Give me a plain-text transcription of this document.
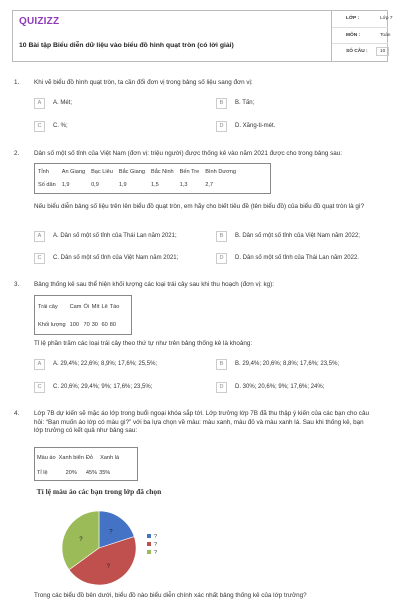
QUIZIZZ
10 Bài tập Biểu diễn dữ liệu vào biểu đồ hình quạt tròn (có lời giải)
LỚP :	Lớp 7
MÔN :	Toán
SỐ CÂU :	10
1. Khi vẽ biểu đồ hình quạt tròn, ta cần đổi đơn vị trong bảng số liệu sang đơn vị:
A	A. Mét;	B	B. Tấn;
C	C. %;	D	D. Xăng-ti-mét.
2. Dân số một số tỉnh của Việt Nam (đơn vị: triệu người) được thống kê vào năm 2021 được cho trong bảng sau:
Tỉnh	An Giang	Bạc Liêu	Bắc Giang	Bắc Ninh	Bến Tre	Bình Dương
Số dân	1,9	0,9	1,9	1,5	1,3	2,7
Nếu biểu diễn bảng số liệu trên lên biểu đồ quạt tròn, em hãy cho biết tiêu đề (tên biểu đồ) của biểu đồ quạt tròn là gì?
A	A. Dân số một số tỉnh của Thái Lan năm 2021;	B	B. Dân số một số tỉnh của Việt Nam năm 2022;
C	C. Dân số một số tỉnh của Việt Nam năm 2021;	D	D. Dân số một số tỉnh của Thái Lan năm 2022.
3. Bảng thống kê sau thể hiện khối lượng các loại trái cây sau khi thu hoạch (đơn vị: kg):
Trái cây	Cam	Ổi	Mít	Lê	Táo
Khối lượng	100	70	30	60	80
Tỉ lệ phần trăm các loại trái cây theo thứ tự như trên bảng thống kê là khoảng:
A	A. 29,4%; 22,6%; 8,9%; 17,6%; 25,5%;	B	B. 29,4%; 20,6%; 8,8%; 17,6%; 23,5%;
C	C. 20,6%; 29,4%; 9%; 17,6%; 23,5%;	D	D. 30%; 20,6%; 9%; 17,6%; 24%;
4. Lớp 7B dự kiến sẽ mặc áo lớp trong buổi ngoại khóa sắp tới. Lớp trưởng lớp 7B đã thu thập ý kiến của các bạn cho câu hỏi: “Bạn muốn áo lớp có màu gì?” với ba lựa chọn về màu: màu xanh, màu đỏ và màu xanh lá. Sau khi thống kê, bạn lớp trưởng có kết quả như bảng sau:
Màu áo	Xanh biển	Đỏ	Xanh lá
Tỉ lệ	20%	45%	35%
Tỉ lệ màu áo các bạn trong lớp đã chọn
?
?
?
?
?
?
Trong các biểu đồ bên dưới, biểu đồ nào biểu diễn chính xác nhất bảng thống kê của lớp trưởng?
